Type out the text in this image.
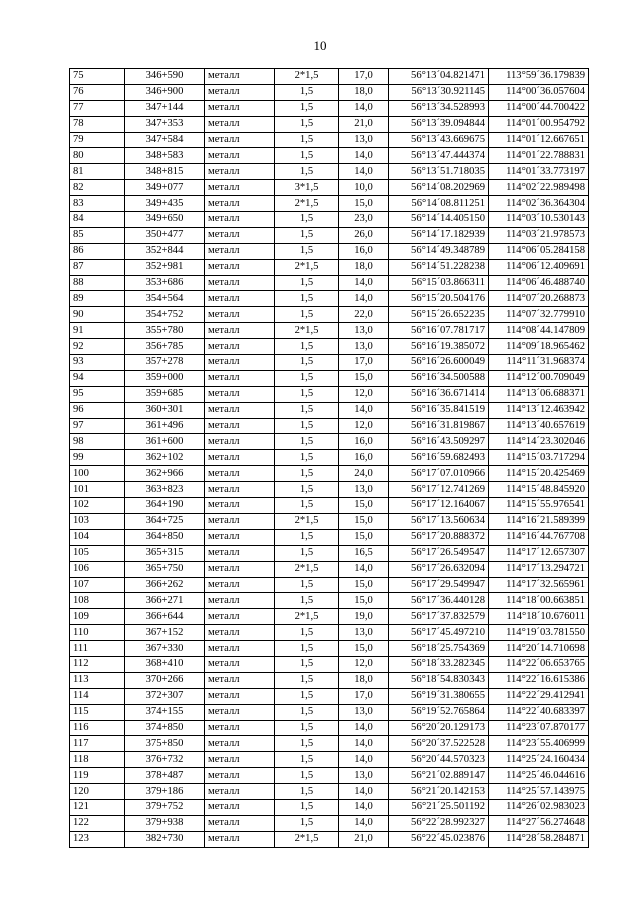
10
75	346+590	металл	2*1,5	17,0	56°13´04.821471	113°59´36.179839
76	346+900	металл	1,5	18,0	56°13´30.921145	114°00´36.057604
77	347+144	металл	1,5	14,0	56°13´34.528993	114°00´44.700422
78	347+353	металл	1,5	21,0	56°13´39.094844	114°01´00.954792
79	347+584	металл	1,5	13,0	56°13´43.669675	114°01´12.667651
80	348+583	металл	1,5	14,0	56°13´47.444374	114°01´22.788831
81	348+815	металл	1,5	14,0	56°13´51.718035	114°01´33.773197
82	349+077	металл	3*1,5	10,0	56°14´08.202969	114°02´22.989498
83	349+435	металл	2*1,5	15,0	56°14´08.811251	114°02´36.364304
84	349+650	металл	1,5	23,0	56°14´14.405150	114°03´10.530143
85	350+477	металл	1,5	26,0	56°14´17.182939	114°03´21.978573
86	352+844	металл	1,5	16,0	56°14´49.348789	114°06´05.284158
87	352+981	металл	2*1,5	18,0	56°14´51.228238	114°06´12.409691
88	353+686	металл	1,5	14,0	56°15´03.866311	114°06´46.488740
89	354+564	металл	1,5	14,0	56°15´20.504176	114°07´20.268873
90	354+752	металл	1,5	22,0	56°15´26.652235	114°07´32.779910
91	355+780	металл	2*1,5	13,0	56°16´07.781717	114°08´44.147809
92	356+785	металл	1,5	13,0	56°16´19.385072	114°09´18.965462
93	357+278	металл	1,5	17,0	56°16´26.600049	114°11´31.968374
94	359+000	металл	1,5	15,0	56°16´34.500588	114°12´00.709049
95	359+685	металл	1,5	12,0	56°16´36.671414	114°13´06.688371
96	360+301	металл	1,5	14,0	56°16´35.841519	114°13´12.463942
97	361+496	металл	1,5	12,0	56°16´31.819867	114°13´40.657619
98	361+600	металл	1,5	16,0	56°16´43.509297	114°14´23.302046
99	362+102	металл	1,5	16,0	56°16´59.682493	114°15´03.717294
100	362+966	металл	1,5	24,0	56°17´07.010966	114°15´20.425469
101	363+823	металл	1,5	13,0	56°17´12.741269	114°15´48.845920
102	364+190	металл	1,5	15,0	56°17´12.164067	114°15´55.976541
103	364+725	металл	2*1,5	15,0	56°17´13.560634	114°16´21.589399
104	364+850	металл	1,5	15,0	56°17´20.888372	114°16´44.767708
105	365+315	металл	1,5	16,5	56°17´26.549547	114°17´12.657307
106	365+750	металл	2*1,5	14,0	56°17´26.632094	114°17´13.294721
107	366+262	металл	1,5	15,0	56°17´29.549947	114°17´32.565961
108	366+271	металл	1,5	15,0	56°17´36.440128	114°18´00.663851
109	366+644	металл	2*1,5	19,0	56°17´37.832579	114°18´10.676011
110	367+152	металл	1,5	13,0	56°17´45.497210	114°19´03.781550
111	367+330	металл	1,5	15,0	56°18´25.754369	114°20´14.710698
112	368+410	металл	1,5	12,0	56°18´33.282345	114°22´06.653765
113	370+266	металл	1,5	18,0	56°18´54.830343	114°22´16.615386
114	372+307	металл	1,5	17,0	56°19´31.380655	114°22´29.412941
115	374+155	металл	1,5	13,0	56°19´52.765864	114°22´40.683397
116	374+850	металл	1,5	14,0	56°20´20.129173	114°23´07.870177
117	375+850	металл	1,5	14,0	56°20´37.522528	114°23´55.406999
118	376+732	металл	1,5	14,0	56°20´44.570323	114°25´24.160434
119	378+487	металл	1,5	13,0	56°21´02.889147	114°25´46.044616
120	379+186	металл	1,5	14,0	56°21´20.142153	114°25´57.143975
121	379+752	металл	1,5	14,0	56°21´25.501192	114°26´02.983023
122	379+938	металл	1,5	14,0	56°22´28.992327	114°27´56.274648
123	382+730	металл	2*1,5	21,0	56°22´45.023876	114°28´58.284871
